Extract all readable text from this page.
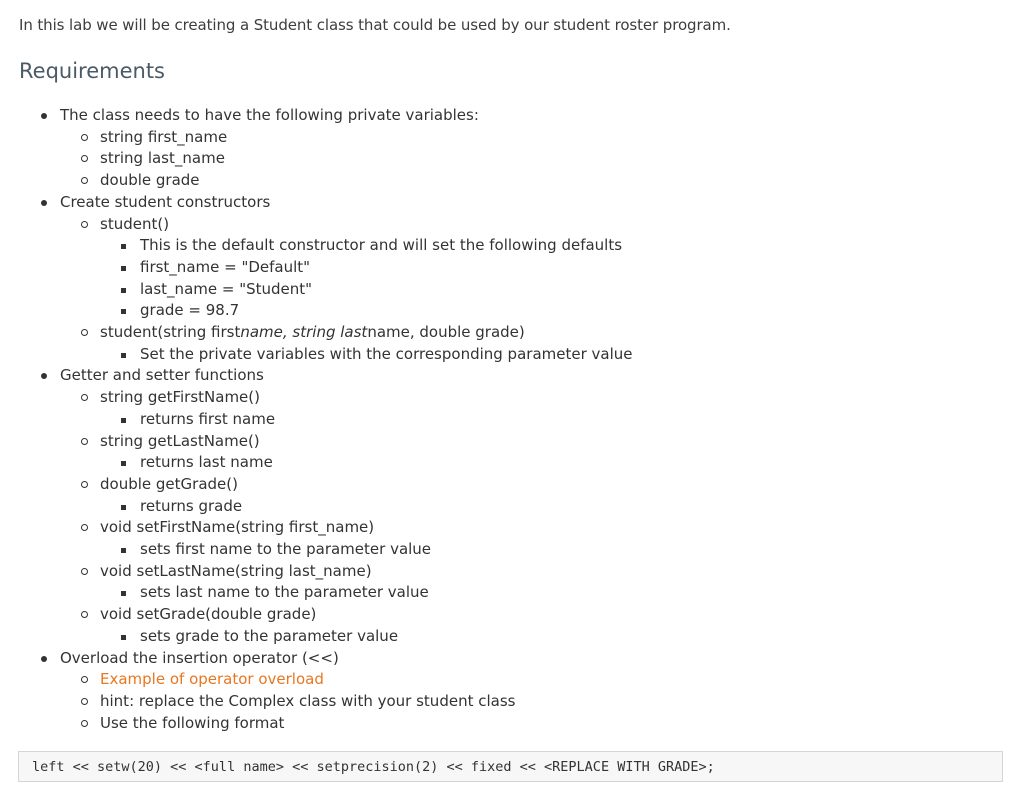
In this lab we will be creating a Student class that could be used by our student roster program.

Requirements
The class needs to have the following private variables:
string first_name
string last_name
double grade
Create student constructors
student()
This is the default constructor and will set the following defaults
first_name = "Default"
last_name = "Student"
grade = 98.7
student(string firstname, string lastname, double grade)
Set the private variables with the corresponding parameter value
Getter and setter functions
string getFirstName()
returns first name
string getLastName()
returns last name
double getGrade()
returns grade
void setFirstName(string first_name)
sets first name to the parameter value
void setLastName(string last_name)
sets last name to the parameter value
void setGrade(double grade)
sets grade to the parameter value
Overload the insertion operator (<<)
Example of operator overload
hint: replace the Complex class with your student class
Use the following format
left << setw(20) << <full name> << setprecision(2) << fixed << <REPLACE WITH GRADE>;
